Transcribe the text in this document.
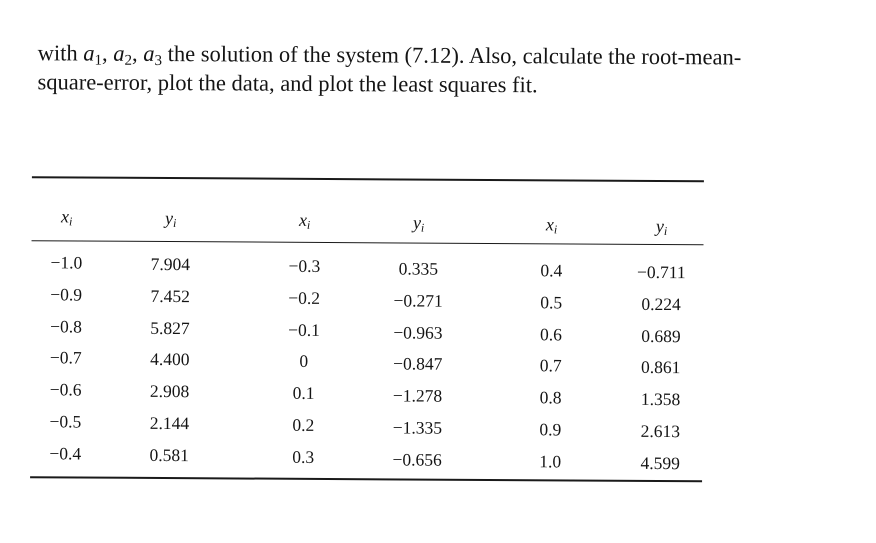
with $a_1$, $a_2$, $a_3$ the solution of the system (7.12). Also, calculate the root-mean-
square-error, plot the data, and plot the least squares fit.
$x_i$	$y_i$	$x_i$	$y_i$	$x_i$	$y_i$
−1.0	7.904	−0.3	0.335	0.4	−0.711
−0.9	7.452	−0.2	−0.271	0.5	0.224
−0.8	5.827	−0.1	−0.963	0.6	0.689
−0.7	4.400	0	−0.847	0.7	0.861
−0.6	2.908	0.1	−1.278	0.8	1.358
−0.5	2.144	0.2	−1.335	0.9	2.613
−0.4	0.581	0.3	−0.656	1.0	4.599
